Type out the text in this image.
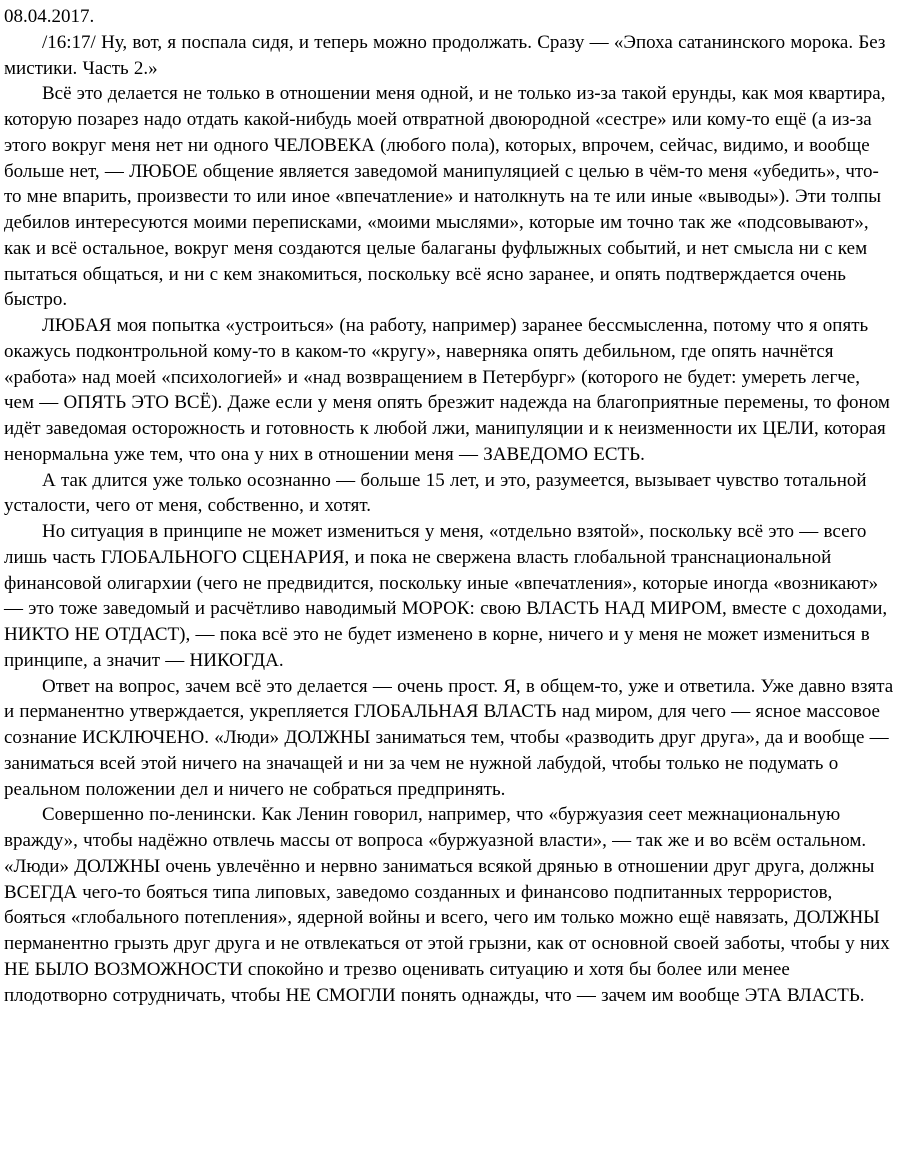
08.04.2017.

/16:17/ Ну, вот, я поспала сидя, и теперь можно продолжать. Сразу — «Эпоха сатанинского морока. Без мистики. Часть 2.»

Всё это делается не только в отношении меня одной, и не только из-за такой ерунды, как моя квартира, которую позарез надо отдать какой-нибудь моей отвратной двоюродной «сестре» или кому-то ещё (а из-за этого вокруг меня нет ни одного ЧЕЛОВЕКА (любого пола), которых, впрочем, сейчас, видимо, и вообще больше нет, — ЛЮБОЕ общение является заведомой манипуляцией с целью в чём-то меня «убедить», что-то мне впарить, произвести то или иное «впечатление» и натолкнуть на те или иные «выводы»). Эти толпы дебилов интересуются моими переписками, «моими мыслями», которые им точно так же «подсовывают», как и всё остальное, вокруг меня создаются целые балаганы фуфлыжных событий, и нет смысла ни с кем пытаться общаться, и ни с кем знакомиться, поскольку всё ясно заранее, и опять подтверждается очень быстро.

ЛЮБАЯ моя попытка «устроиться» (на работу, например) заранее бессмысленна, потому что я опять окажусь подконтрольной кому-то в каком-то «кругу», наверняка опять дебильном, где опять начнётся «работа» над моей «психологией» и «над возвращением в Петербург» (которого не будет: умереть легче, чем — ОПЯТЬ ЭТО ВСЁ). Даже если у меня опять брезжит надежда на благоприятные перемены, то фоном идёт заведомая осторожность и готовность к любой лжи, манипуляции и к неизменности их ЦЕЛИ, которая ненормальна уже тем, что она у них в отношении меня — ЗАВЕДОМО ЕСТЬ.

А так длится уже только осознанно — больше 15 лет, и это, разумеется, вызывает чувство тотальной усталости, чего от меня, собственно, и хотят.

Но ситуация в принципе не может измениться у меня, «отдельно взятой», поскольку всё это — всего лишь часть ГЛОБАЛЬНОГО СЦЕНАРИЯ, и пока не свержена власть глобальной транснациональной финансовой олигархии (чего не предвидится, поскольку иные «впечатления», которые иногда «возникают» — это тоже заведомый и расчётливо наводимый МОРОК: свою ВЛАСТЬ НАД МИРОМ, вместе с доходами, НИКТО НЕ ОТДАСТ), — пока всё это не будет изменено в корне, ничего и у меня не может измениться в принципе, а значит — НИКОГДА.

Ответ на вопрос, зачем всё это делается — очень прост. Я, в общем-то, уже и ответила. Уже давно взята и перманентно утверждается, укрепляется ГЛОБАЛЬНАЯ ВЛАСТЬ над миром, для чего — ясное массовое сознание ИСКЛЮЧЕНО. «Люди» ДОЛЖНЫ заниматься тем, чтобы «разводить друг друга», да и вообще — заниматься всей этой ничего на значащей и ни за чем не нужной лабудой, чтобы только не подумать о реальном положении дел и ничего не собраться предпринять.

Совершенно по-ленински. Как Ленин говорил, например, что «буржуазия сеет межнациональную вражду», чтобы надёжно отвлечь массы от вопроса «буржуазной власти», — так же и во всём остальном. «Люди» ДОЛЖНЫ очень увлечённо и нервно заниматься всякой дрянью в отношении друг друга, должны ВСЕГДА чего-то бояться типа липовых, заведомо созданных и финансово подпитанных террористов, бояться «глобального потепления», ядерной войны и всего, чего им только можно ещё навязать, ДОЛЖНЫ перманентно грызть друг друга и не отвлекаться от этой грызни, как от основной своей заботы, чтобы у них НЕ БЫЛО ВОЗМОЖНОСТИ спокойно и трезво оценивать ситуацию и хотя бы более или менее плодотворно сотрудничать, чтобы НЕ СМОГЛИ понять однажды, что — зачем им вообще ЭТА ВЛАСТЬ.
